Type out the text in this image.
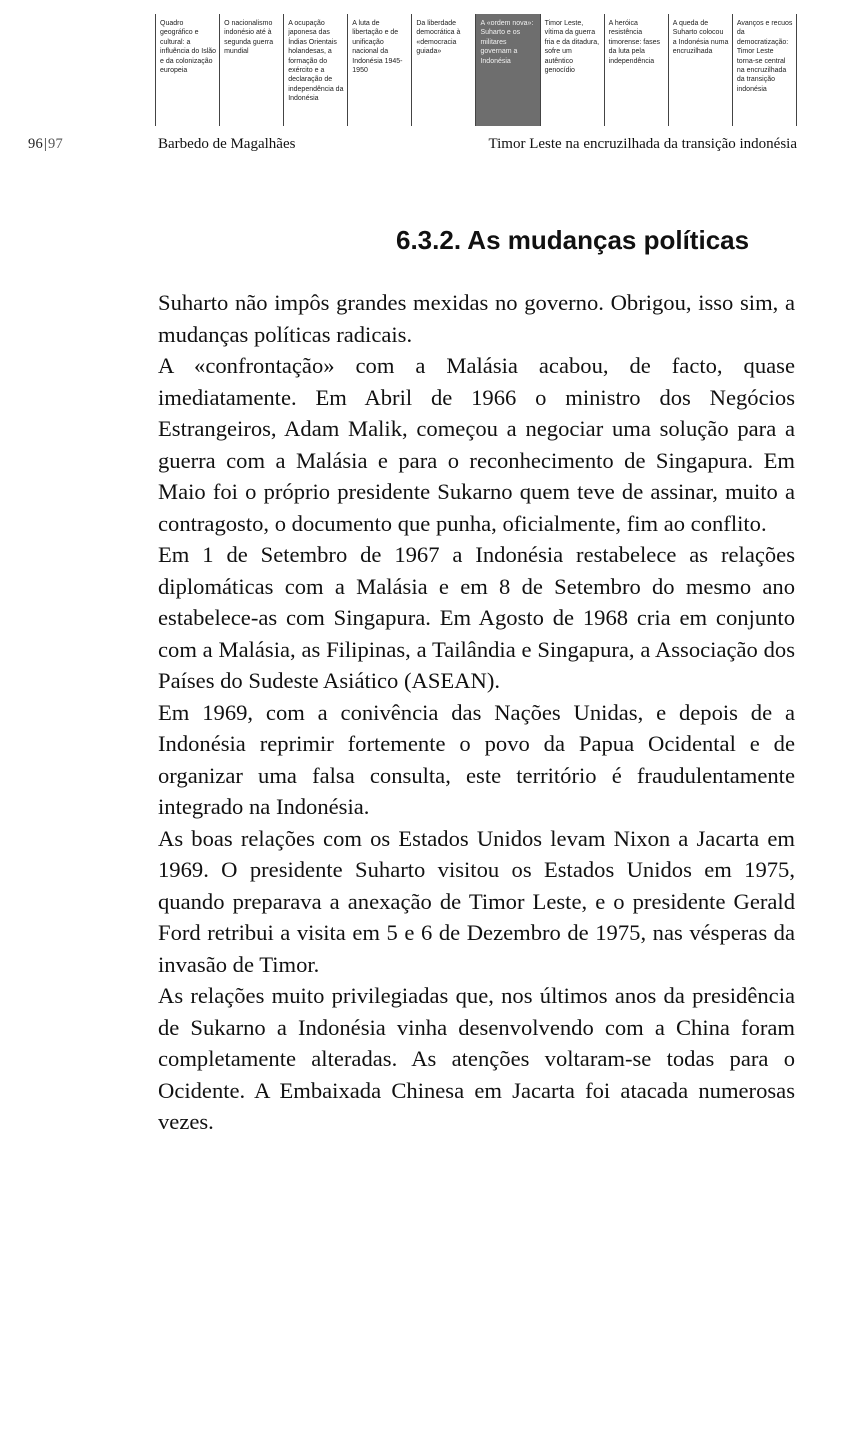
Quadro geográfico e cultural: a influência do Islão e da colonização europeia
O nacionalismo indonésio até à segunda guerra mundial
A ocupação japonesa das Índias Orientais holandesas, a formação do exército e a declaração de independência da Indonésia
A luta de libertação e de unificação nacional da Indonésia 1945-1950
Da liberdade democrática à «democracia guiada»
A «ordem nova»: Suharto e os militares governam a Indonésia
Timor Leste, vítima da guerra fria e da ditadura, sofre um autêntico genocídio
A heróica resistência timorense: fases da luta pela independência
A queda de Suharto colocou a Indonésia numa encruzilhada
Avanços e recuos da democratização: Timor Leste torna-se central na encruzilhada da transição indonésia
96|97	Barbedo de Magalhães	Timor Leste na encruzilhada da transição indonésia
6.3.2. As mudanças políticas

Suharto não impôs grandes mexidas no governo. Obrigou, isso sim, a mudanças políticas radicais.

A «confrontação» com a Malásia acabou, de facto, quase imediatamente. Em Abril de 1966 o ministro dos Negócios Estrangeiros, Adam Malik, começou a negociar uma solução para a guerra com a Malásia e para o reconhecimento de Singapura. Em Maio foi o próprio presidente Sukarno quem teve de assinar, muito a contragosto, o documento que punha, oficialmente, fim ao conflito.

Em 1 de Setembro de 1967 a Indonésia restabelece as relações diplomáticas com a Malásia e em 8 de Setembro do mesmo ano estabelece-as com Singapura. Em Agosto de 1968 cria em conjunto com a Malásia, as Filipinas, a Tailândia e Singapura, a Associação dos Países do Sudeste Asiático (ASEAN).

Em 1969, com a conivência das Nações Unidas, e depois de a Indonésia reprimir fortemente o povo da Papua Ocidental e de organizar uma falsa consulta, este território é fraudulentamente integrado na Indonésia.

As boas relações com os Estados Unidos levam Nixon a Jacarta em 1969. O presidente Suharto visitou os Estados Unidos em 1975, quando preparava a anexação de Timor Leste, e o presidente Gerald Ford retribui a visita em 5 e 6 de Dezembro de 1975, nas vésperas da invasão de Timor.

As relações muito privilegiadas que, nos últimos anos da presidência de Sukarno a Indonésia vinha desenvolvendo com a China foram completamente alteradas. As atenções voltaram-se todas para o Ocidente. A Embaixada Chinesa em Jacarta foi atacada numerosas vezes.
